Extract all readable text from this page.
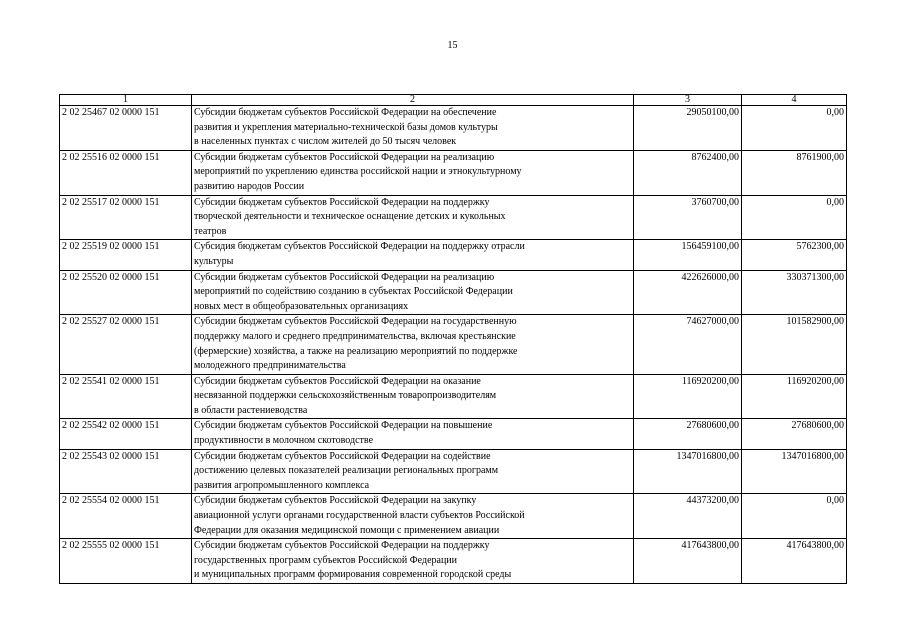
15
1	2	3	4
2 02 25467 02 0000 151	Субсидии бюджетам субъектов Российской Федерации на обеспечение
развития и укрепления материально-технической базы домов культуры
в населенных пунктах с числом жителей до 50 тысяч человек	29050100,00	0,00
2 02 25516 02 0000 151	Субсидии бюджетам субъектов Российской Федерации на реализацию
мероприятий по укреплению единства российской нации и этнокультурному
развитию народов России	8762400,00	8761900,00
2 02 25517 02 0000 151	Субсидии бюджетам субъектов Российской Федерации на поддержку
творческой деятельности и техническое оснащение детских и кукольных
театров	3760700,00	0,00
2 02 25519 02 0000 151	Субсидия бюджетам субъектов Российской Федерации на поддержку отрасли
культуры	156459100,00	5762300,00
2 02 25520 02 0000 151	Субсидии бюджетам субъектов Российской Федерации на реализацию
мероприятий по содействию созданию в субъектах Российской Федерации
новых мест в общеобразовательных организациях	422626000,00	330371300,00
2 02 25527 02 0000 151	Субсидии бюджетам субъектов Российской Федерации на государственную
поддержку малого и среднего предпринимательства, включая крестьянские
(фермерские) хозяйства, а также на реализацию мероприятий по поддержке
молодежного предпринимательства	74627000,00	101582900,00
2 02 25541 02 0000 151	Субсидии бюджетам субъектов Российской Федерации на оказание
несвязанной поддержки сельскохозяйственным товаропроизводителям
в области растениеводства	116920200,00	116920200,00
2 02 25542 02 0000 151	Субсидии бюджетам субъектов Российской Федерации на повышение
продуктивности в молочном скотоводстве	27680600,00	27680600,00
2 02 25543 02 0000 151	Субсидии бюджетам субъектов Российской Федерации на содействие
достижению целевых показателей реализации региональных программ
развития агропромышленного комплекса	1347016800,00	1347016800,00
2 02 25554 02 0000 151	Субсидии бюджетам субъектов Российской Федерации на закупку
авиационной услуги органами государственной власти субъектов Российской
Федерации для оказания медицинской помощи с применением авиации	44373200,00	0,00
2 02 25555 02 0000 151	Субсидии бюджетам субъектов Российской Федерации на поддержку
государственных программ субъектов Российской Федерации
и муниципальных программ формирования современной городской среды	417643800,00	417643800,00
